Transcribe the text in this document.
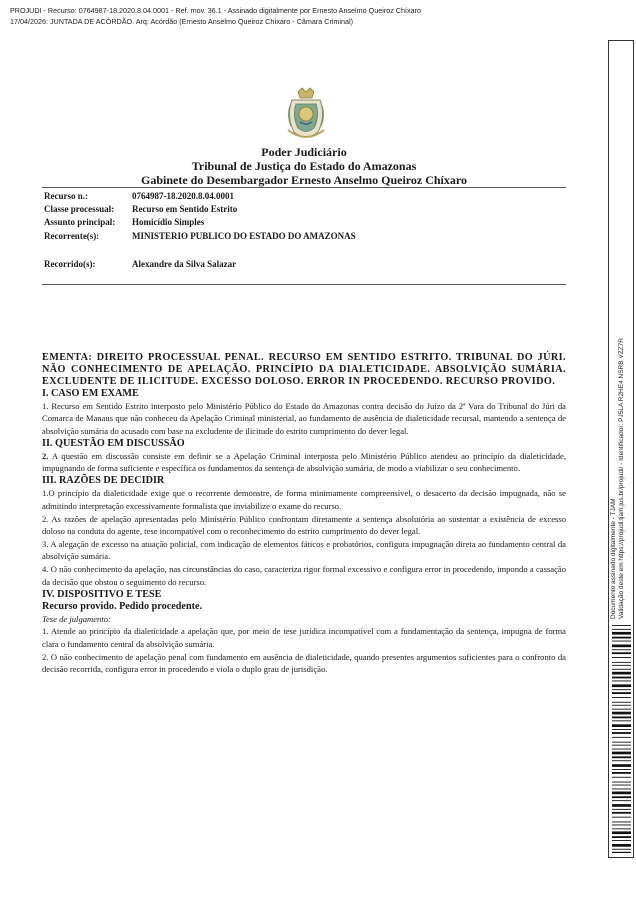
PROJUDI - Recurso: 0764987-18.2020.8.04.0001 - Ref. mov. 36.1 - Assinado digitalmente por Ernesto Anselmo Queiroz Chíxaro
17/04/2026: JUNTADA DE ACÓRDÃO. Arq: Acórdão (Ernesto Anselmo Queiroz Chíxaro - Câmara Criminal)
Poder Judiciário
Tribunal de Justiça do Estado do Amazonas
Gabinete do Desembargador Ernesto Anselmo Queiroz Chíxaro
Recurso n.:	0764987-18.2020.8.04.0001
Classe processual: Recurso em Sentido Estrito
Assunto principal: Homicídio Simples
Recorrente(s):	MINISTERIO PUBLICO DO ESTADO DO AMAZONAS
Recorrido(s):	Alexandre da Silva Salazar
EMENTA: DIREITO PROCESSUAL PENAL. RECURSO EM SENTIDO ESTRITO. TRIBUNAL DO JÚRI. NÃO CONHECIMENTO DE APELAÇÃO. PRINCÍPIO DA DIALETICIDADE. ABSOLVIÇÃO SUMÁRIA. EXCLUDENTE DE ILICITUDE. EXCESSO DOLOSO. ERROR IN PROCEDENDO. RECURSO PROVIDO.
I. CASO EM EXAME
1. Recurso em Sentido Estrito interposto pelo Ministério Público do Estado do Amazonas contra decisão do Juízo da 2ª Vara do Tribunal do Júri da Comarca de Manaus que não conheceu da Apelação Criminal ministerial, ao fundamento de ausência de dialeticidade recursal, mantendo a sentença de absolvição sumária do acusado com base na excludente de ilicitude do estrito cumprimento do dever legal.
II. QUESTÃO EM DISCUSSÃO
2. A questão em discussão consiste em definir se a Apelação Criminal interposta pelo Ministério Público atendeu ao princípio da dialeticidade, impugnando de forma suficiente e específica os fundamentos da sentença de absolvição sumária, de modo a viabilizar o seu conhecimento.
III. RAZÕES DE DECIDIR
1.O princípio da dialeticidade exige que o recorrente demonstre, de forma minimamente compreensível, o desacerto da decisão impugnada, não se admitindo interpretação excessivamente formalista que inviabilize o exame do recurso.
2. As razões de apelação apresentadas pelo Ministério Público confrontam diretamente a sentença absolutória ao sustentar a existência de excesso doloso na conduta do agente, tese incompatível com o reconhecimento do estrito cumprimento do dever legal.
3. A alegação de excesso na atuação policial, com indicação de elementos fáticos e probatórios, configura impugnação direta ao fundamento central da absolvição sumária.
4. O não conhecimento da apelação, nas circunstâncias do caso, caracteriza rigor formal excessivo e configura error in procedendo, impondo a cassação da decisão que obstou o seguimento do recurso.
IV. DISPOSITIVO E TESE
Recurso provido. Pedido procedente.
Tese de julgamento:
1. Atende ao princípio da dialeticidade a apelação que, por meio de tese jurídica incompatível com a fundamentação da sentença, impugna de forma clara o fundamento central da absolvição sumária.
2. O não conhecimento de apelação penal com fundamento em ausência de dialeticidade, quando presentes argumentos suficientes para o confronto da decisão recorrida, configura error in procedendo e viola o duplo grau de jurisdição.
Documento assinado digitalmente - TJAM Validação deste em https://projudi.tjam.jus.br/projudi/ - Identificador: PJ5LA R2HE4 NSRB VZZ7R
